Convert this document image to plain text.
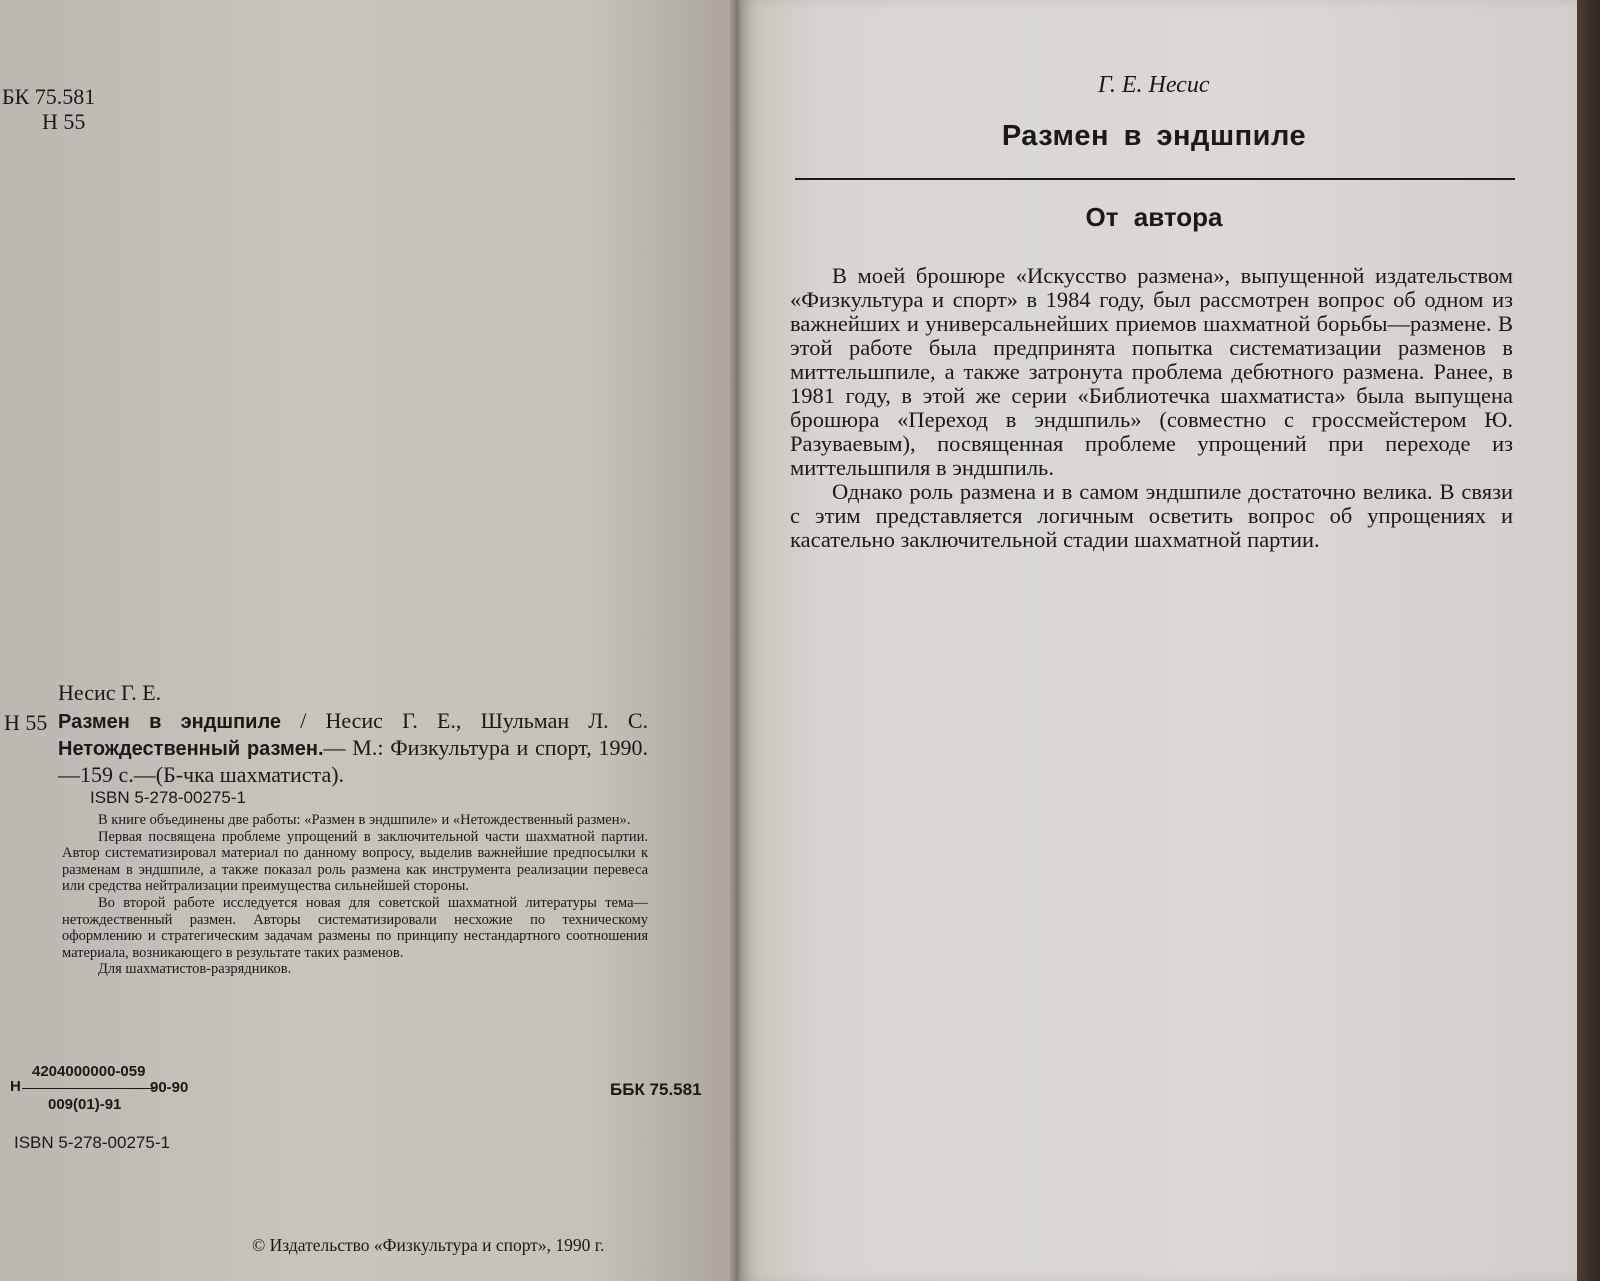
БК 75.581
Н 55
Несис Г. Е.
Н 55 Размен в эндшпиле / Несис Г. Е., Шульман Л. С. Нетождественный размен.— М.: Физкультура и спорт, 1990.—159 с.—(Б-чка шахматиста).
ISBN 5-278-00275-1

В книге объединены две работы: «Размен в эндшпиле» и «Нетождественный размен».

Первая посвящена проблеме упрощений в заключительной части шахматной партии. Автор систематизировал материал по данному вопросу, выделив важнейшие предпосылки к разменам в эндшпиле, а также показал роль размена как инструмента реализации перевеса или средства нейтрализации преимущества сильнейшей стороны.

Во второй работе исследуется новая для советской шахматной литературы тема—нетождественный размен. Авторы систематизировали несхожие по техническому оформлению и стратегическим задачам размены по принципу нестандартного соотношения материала, возникающего в результате таких разменов.

Для шахматистов-разрядников.

4204000000-059
Н	90-90
009(01)-91
ББК 75.581
ISBN 5-278-00275-1
© Издательство «Физкультура и спорт», 1990 г.
Г. Е. Несис
Размен в эндшпиле
От автора

В моей брошюре «Искусство размена», выпущенной издательством «Физкультура и спорт» в 1984 году, был рассмотрен вопрос об одном из важнейших и универсальнейших приемов шахматной борьбы—размене. В этой работе была предпринята попытка систематизации разменов в миттельшпиле, а также затронута проблема дебютного размена. Ранее, в 1981 году, в этой же серии «Библиотечка шахматиста» была выпущена брошюра «Переход в эндшпиль» (совместно с гроссмейстером Ю. Разуваевым), посвященная проблеме упрощений при переходе из миттельшпиля в эндшпиль.

Однако роль размена и в самом эндшпиле достаточно велика. В связи с этим представляется логичным осветить вопрос об упрощениях и касательно заключительной стадии шахматной партии.
